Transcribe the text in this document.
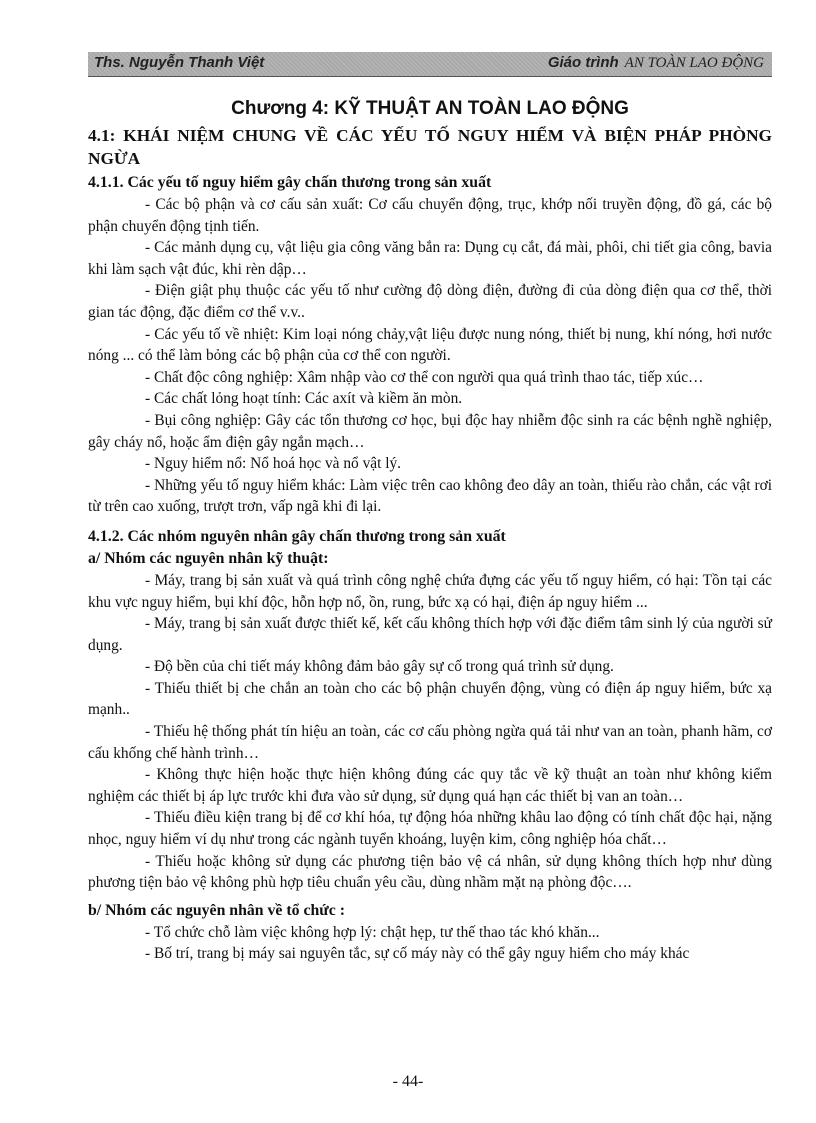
Ths. Nguyễn Thanh Việt	Giáo trình AN TOÀN LAO ĐỘNG
Chương 4: KỸ THUẬT AN TOÀN LAO ĐỘNG
4.1: KHÁI NIỆM CHUNG VỀ CÁC YẾU TỐ NGUY HIỂM VÀ BIỆN PHÁP PHÒNG NGỪA
4.1.1. Các yếu tố nguy hiểm gây chấn thương trong sản xuất

- Các bộ phận và cơ cấu sản xuất: Cơ cấu chuyển động, trục, khớp nối truyền động, đồ gá, các bộ phận chuyển động tịnh tiến.

- Các mảnh dụng cụ, vật liệu gia công văng bắn ra: Dụng cụ cắt, đá mài, phôi, chi tiết gia công, bavia khi làm sạch vật đúc, khi rèn dập…

- Điện giật phụ thuộc các yếu tố như cường độ dòng điện, đường đi của dòng điện qua cơ thể, thời gian tác động, đặc điểm cơ thể v.v..

- Các yếu tố về nhiệt: Kim loại nóng chảy,vật liệu được nung nóng, thiết bị nung, khí nóng, hơi nước nóng ... có thể làm bỏng các bộ phận của cơ thể con người.

- Chất độc công nghiệp: Xâm nhập vào cơ thể con người qua quá trình thao tác, tiếp xúc…

- Các chất lỏng hoạt tính: Các axít và kiềm ăn mòn.

- Bụi công nghiệp: Gây các tổn thương cơ học, bụi độc hay nhiễm độc sinh ra các bệnh nghề nghiệp, gây cháy nổ, hoặc ẩm điện gây ngắn mạch…

- Nguy hiểm nổ: Nổ hoá học và nổ vật lý.

- Những yếu tố nguy hiểm khác: Làm việc trên cao không đeo dây an toàn, thiếu rào chắn, các vật rơi từ trên cao xuống, trượt trơn, vấp ngã khi đi lại.

4.1.2. Các nhóm nguyên nhân gây chấn thương trong sản xuất
a/ Nhóm các nguyên nhân kỹ thuật:

- Máy, trang bị sản xuất và quá trình công nghệ chứa đựng các yếu tố nguy hiểm, có hại: Tồn tại các khu vực nguy hiểm, bụi khí độc, hỗn hợp nổ, ồn, rung, bức xạ có hại, điện áp nguy hiểm ...

- Máy, trang bị sản xuất được thiết kế, kết cấu không thích hợp với đặc điểm tâm sinh lý của người sử dụng.

- Độ bền của chi tiết máy không đảm bảo gây sự cố trong quá trình sử dụng.

- Thiếu thiết bị che chắn an toàn cho các bộ phận chuyển động, vùng có điện áp nguy hiểm, bức xạ mạnh..

- Thiếu hệ thống phát tín hiệu an toàn, các cơ cấu phòng ngừa quá tải như van an toàn, phanh hãm, cơ cấu khống chế hành trình…

- Không thực hiện hoặc thực hiện không đúng các quy tắc về kỹ thuật an toàn như không kiểm nghiệm các thiết bị áp lực trước khi đưa vào sử dụng, sử dụng quá hạn các thiết bị van an toàn…

- Thiếu điều kiện trang bị để cơ khí hóa, tự động hóa những khâu lao động có tính chất độc hại, nặng nhọc, nguy hiểm ví dụ như trong các ngành tuyển khoáng, luyện kim, công nghiệp hóa chất…

- Thiếu hoặc không sử dụng các phương tiện bảo vệ cá nhân, sử dụng không thích hợp như dùng phương tiện bảo vệ không phù hợp tiêu chuẩn yêu cầu, dùng nhầm mặt nạ phòng độc….

b/ Nhóm các nguyên nhân về tổ chức :

- Tổ chức chỗ làm việc không hợp lý: chật hẹp, tư thế thao tác khó khăn...

- Bố trí, trang bị máy sai nguyên tắc, sự cố máy này có thể gây nguy hiểm cho máy khác

- 44-
